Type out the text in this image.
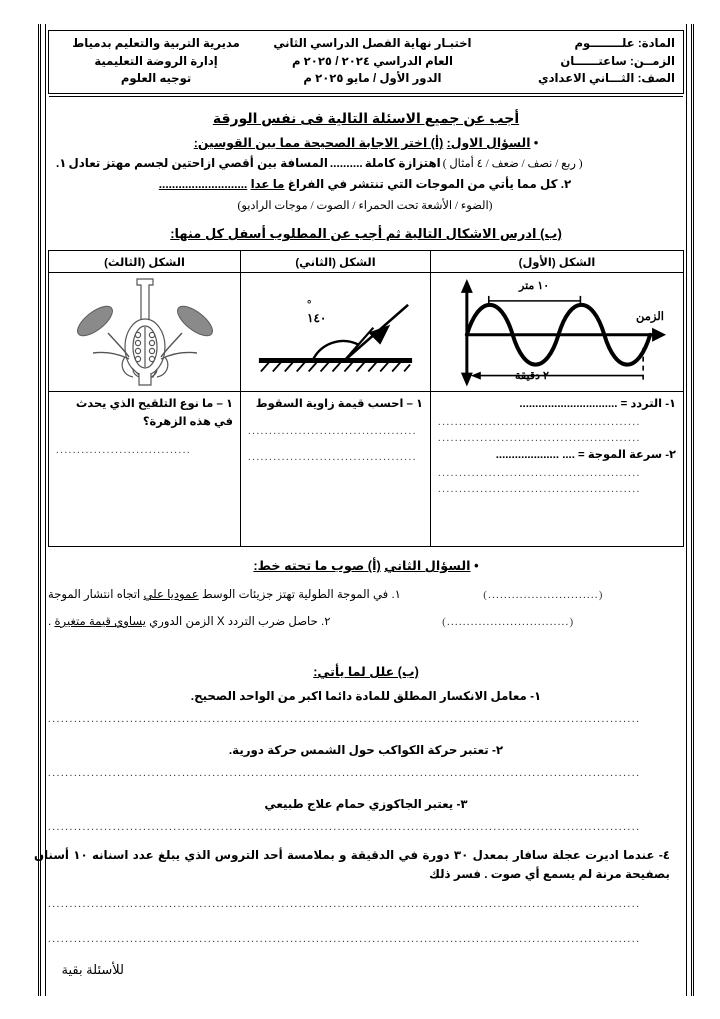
المادة: علــــــــوم
الزمــن: ساعتــــــان
الصف: الثـــاني الاعدادي
اختبـار نهاية الفصل الدراسي الثاني
العام الدراسي ٢٠٢٤ / ٢٠٢٥ م
الدور الأول / مايو ٢٠٢٥ م
مديرية التربية والتعليم بدمياط
إدارة الروضة التعليمية
توجيه العلوم
أجب عن جميع الاسئلة التالية فى نفس الورقة
• السؤال الاول: (أ) اختر الاجابة الصحيحة مما بين القوسين:
( ربع / نصف / ضعف / ٤ أمثال )
اهتزازة كاملة
..........
المسافة بين أقصي ازاحتين لجسم مهتز تعادل
١.
٢. كل مما يأتي من الموجات التي تنتشر في الفراغ ما عدا ...........................
(الضوء / الأشعة تحت الحمراء / الصوت / موجات الراديو)
(ب) ادرس الاشكال التالية ثم أجب عن المطلوب أسفل كل منها:
الشكل (الأول)
١٠ متر
٢ دقيقة
الزمن
١- التردد = ...............................
................................................
................................................
٢- سرعة الموجة = .... ....................
................................................
................................................
الشكل (الثاني)
١٤٠
°
١ – احسب قيمة زاوية السقوط
........................................
........................................
الشكل (الثالث)
١ – ما نوع التلقيح الذي يحدث في هذه الزهرة؟
................................
• السؤال الثاني (أ) صوب ما تحته خط:
(............................)
١. في الموجة الطولية تهتز جزيئات الوسط عموديا علي اتجاه انتشار الموجة
(...............................)
٢. حاصل ضرب التردد X الزمن الدوري يساوي قيمة متغيرة .
(ب) علل لما يأتي:
١- معامل الانكسار المطلق للمادة دائما اكبر من الواحد الصحيح.
.........................................................................................................................................
٢- تعتبر حركة الكواكب حول الشمس حركة دورية.
.........................................................................................................................................
٣- يعتبر الجاكوزي حمام علاج طبيعي
.........................................................................................................................................
٤- عندما اديرت عجلة سافار بمعدل ٣٠ دورة في الدقيقة و بملامسة أحد التروس الذي يبلغ عدد اسنانه ١٠ أسنان بصفيحة مرنة لم يسمع أي صوت . فسر ذلك
.........................................................................................................................................
.........................................................................................................................................
للأسئلة بقية
